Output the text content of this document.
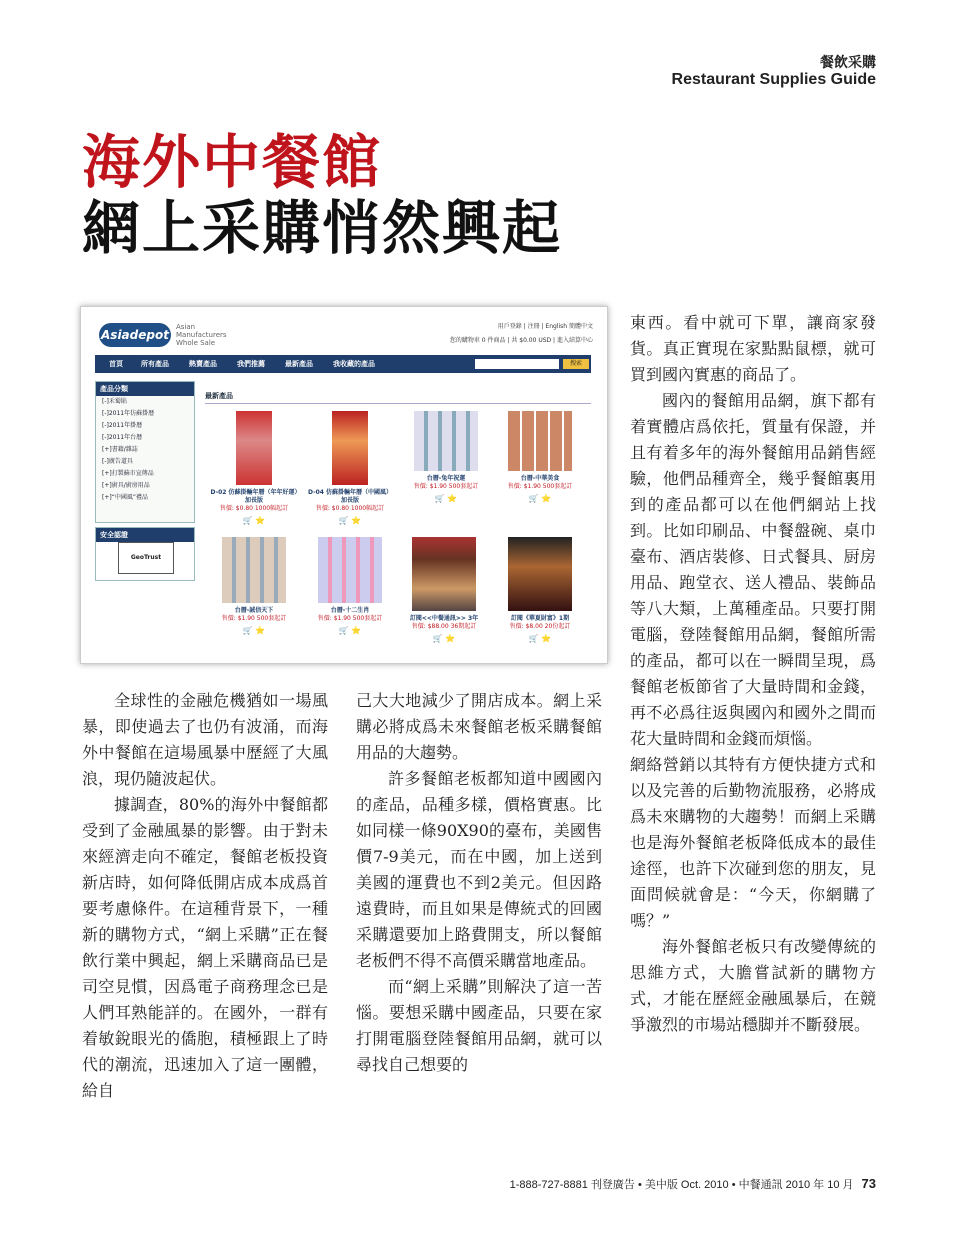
餐飲采購
Restaurant Supplies Guide
海外中餐館
網上采購悄然興起
Asiadepot
Asian Manufacturers Whole Sale
用戶登錄 | 注冊 | English 簡體中文
您的購物車 0 件商品 | 共 $0.00 USD | 進入結算中心
首頁	所有產品	熱賣產品	我們推薦	最新產品	我收藏的產品	搜索
產品分類
[-]禾蜀貼
[-]2011年仿蘇掛曆
[-]2011年掛曆
[-]2011年台曆
[+]書籍/雜誌
[-]廣告道具
[+]打製蘇市宣傳品
[+]廚具/廚房用品
[+]“中國風”禮品
安全認證
GeoTrust
最新產品
D-02 仿蘇掛輛年曆（年年好運）加長版
售價: $0.80 1000幅起訂
🛒 ⭐
D-04 仿蘇掛輛年曆（中國風）加長版
售價: $0.80 1000幅起訂
🛒 ⭐
台曆-兔年祝運
售價: $1.90 500套起訂
🛒 ⭐
台曆-中華美食
售價: $1.90 500套起訂
🛒 ⭐
台曆-誠信天下
售價: $1.90 500套起訂
🛒 ⭐
台曆-十二生肖
售價: $1.90 500套起訂
🛒 ⭐
訂閱<<中餐通訊>> 3年
售價: $88.00 36期起訂
🛒 ⭐
訂閱《華夏財富》1期
售價: $8.00 20份起訂
🛒 ⭐

全球性的金融危機猶如一場風暴，即使過去了也仍有波涌，而海外中餐館在這場風暴中歷經了大風浪，現仍隨波起伏。

據調查，80%的海外中餐館都受到了金融風暴的影響。由于對未來經濟走向不確定，餐館老板投資新店時，如何降低開店成本成爲首要考慮條件。在這種背景下，一種新的購物方式，“網上采購”正在餐飲行業中興起，網上采購商品已是司空見慣，因爲電子商務理念已是人們耳熟能詳的。在國外，一群有着敏銳眼光的僑胞，積極跟上了時代的潮流，迅速加入了這一團體，給自

己大大地減少了開店成本。網上采購必將成爲未來餐館老板采購餐館用品的大趨勢。

許多餐館老板都知道中國國內的產品，品種多樣，價格實惠。比如同樣一條90X90的臺布，美國售價7-9美元，而在中國，加上送到美國的運費也不到2美元。但因路遠費時，而且如果是傳統式的回國采購還要加上路費開支，所以餐館老板們不得不高價采購當地產品。

而“網上采購”則解決了這一苦惱。要想采購中國產品，只要在家打開電腦登陸餐館用品網，就可以尋找自己想要的

東西。看中就可下單，讓商家發貨。真正實現在家點點鼠標，就可買到國內實惠的商品了。

國內的餐館用品網，旗下都有着實體店爲依托，質量有保證，并且有着多年的海外餐館用品銷售經驗，他們品種齊全，幾乎餐館裏用到的產品都可以在他們網站上找到。比如印刷品、中餐盤碗、桌巾臺布、酒店裝修、日式餐具、厨房用品、跑堂衣、送人禮品、裝飾品等八大類，上萬種產品。只要打開電腦，登陸餐館用品網，餐館所需的產品，都可以在一瞬間呈現，爲餐館老板節省了大量時間和金錢，再不必爲往返與國內和國外之間而花大量時間和金錢而煩惱。

網絡營銷以其特有方便快捷方式和以及完善的后勤物流服務，必將成爲未來購物的大趨勢！而網上采購也是海外餐館老板降低成本的最佳途徑，也許下次碰到您的朋友，見面問候就會是：“今天，你網購了嗎？”

海外餐館老板只有改變傳統的思維方式，大膽嘗試新的購物方式，才能在歷經金融風暴后，在競爭激烈的市場站穩脚并不斷發展。

1-888-727-8881 刊登廣告 • 美中版 Oct. 2010 • 中餐通訊 2010 年 10 月 73
